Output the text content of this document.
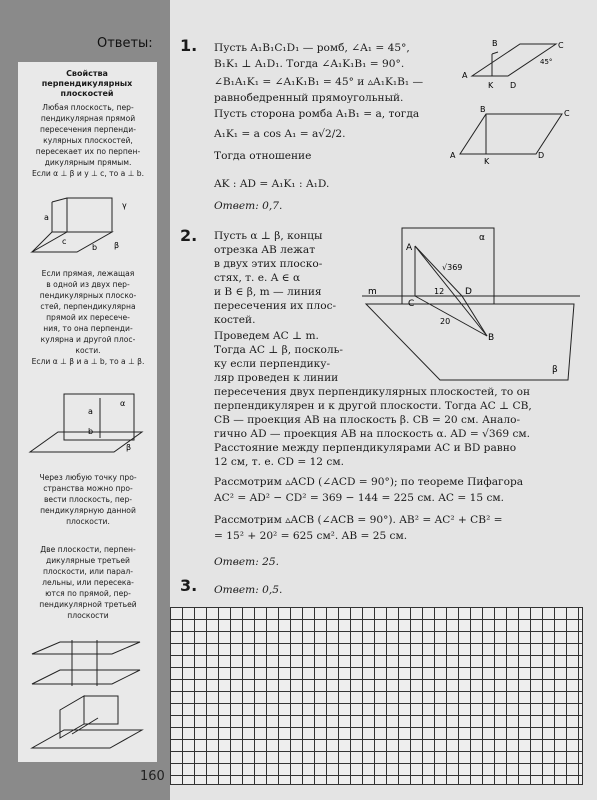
Ответы:
Свойства
перпендикулярных
плоскостей
Любая плоскость, пер-
пендикулярная прямой
пересечения перпенди-
кулярных плоскостей,
пересекает их по перпен-
дикулярным прямым.
Если α ⊥ β и у ⊥ c, то a ⊥ b.
γ
c
b β
a
Если прямая, лежащая
в одной из двух пер-
пендикулярных плоско-
стей, перпендикулярна
прямой их пересече-
ния, то она перпенди-
кулярна и другой плос-
кости.
Если α ⊥ β и a ⊥ b, то a ⊥ β.
α
a
b
β
Через любую точку про-
странства можно про-
вести плоскость, пер-
пендикулярную данной
плоскости.
Две плоскости, перпен-
дикулярные третьей
плоскости, или парал-
лельны, или пересека-
ются по прямой, пер-
пендикулярной третьей
плоскости
160
1. Пусть A₁B₁C₁D₁ — ромб, ∠A₁ = 45°,
B₁K₁ ⊥ A₁D₁. Тогда ∠A₁K₁B₁ = 90°.
∠B₁A₁K₁ = ∠A₁K₁B₁ = 45° и ▵A₁K₁B₁ —
равнобедренный прямоугольный.
Пусть сторона ромба A₁B₁ = a, тогда
A₁K₁ = a cos A₁ = a√2/2.
Тогда отношение
AK : AD = A₁K₁ : A₁D.
Ответ: 0,7.
B	C
45°
A
K D
B	C
A
K
D
2. Пусть α ⊥ β, концы
отрезка AB лежат
в двух этих плоско-
стях, т. е. A ∈ α
и B ∈ β, m — линия
пересечения их плос-
костей.
Проведем AC ⊥ m.
Тогда AC ⊥ β, посколь-
ку если перпендику-
ляр проведен к линии
пересечения двух перпендикулярных плоскостей, то он
перпендикулярен и к другой плоскости. Тогда AC ⊥ CB,
CB — проекция AB на плоскость β. CB = 20 см. Анало-
гично AD — проекция AB на плоскость α. AD = √369 см.
Расстояние между перпендикулярами AC и BD равно
12 см, т. е. CD = 12 см.
Рассмотрим ▵ACD (∠ACD = 90°); по теореме Пифагора
AC² = AD² − CD² = 369 − 144 = 225 см. AC = 15 см.
Рассмотрим ▵ACB (∠ACB = 90°). AB² = AC² + CB² =
= 15² + 20² = 625 см². AB = 25 см.
Ответ: 25.
α
A
√369
m
C
12 D
20
B
β
3. Ответ: 0,5.
